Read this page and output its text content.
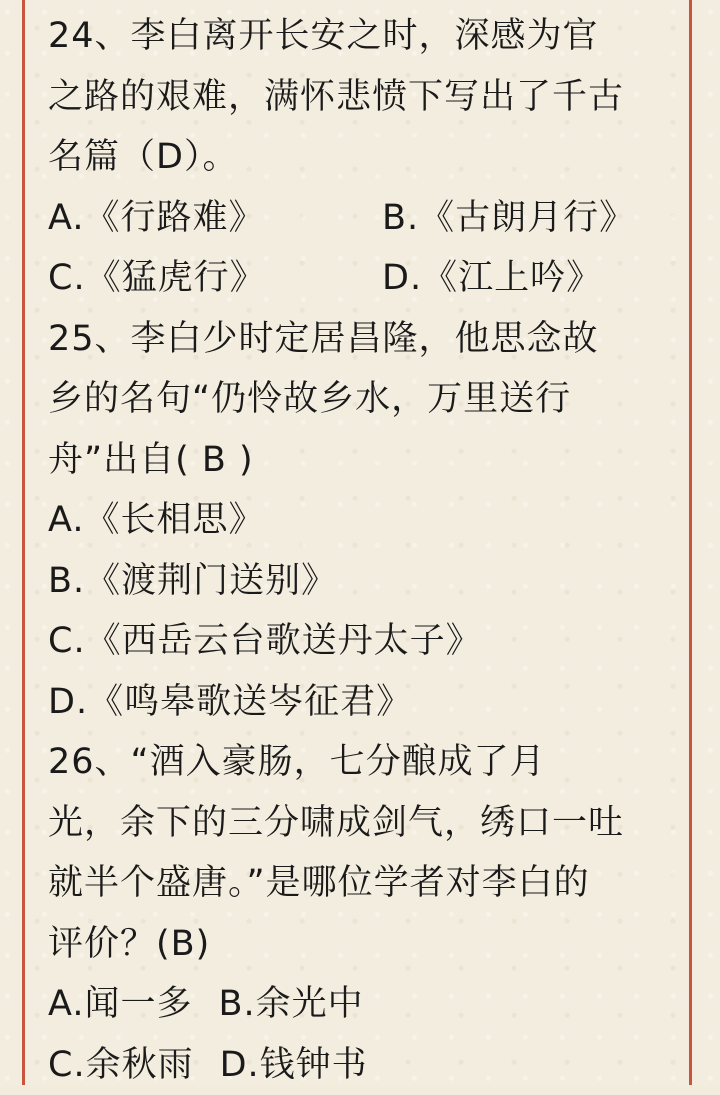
24、李白离开长安之时，深感为官
之路的艰难，满怀悲愤下写出了千古
名篇（D）。
A.《行路难》	B.《古朗月行》
C.《猛虎行》	D.《江上吟》
25、李白少时定居昌隆，他思念故
乡的名句“仍怜故乡水，万里送行
舟”出自( B )
A.《长相思》
B.《渡荆门送别》
C.《西岳云台歌送丹太子》
D.《鸣皋歌送岑征君》
26、“酒入豪肠，七分酿成了月
光，余下的三分啸成剑气，绣口一吐
就半个盛唐。”是哪位学者对李白的
评价？(B)
A.闻一多 B.余光中
C.余秋雨 D.钱钟书
